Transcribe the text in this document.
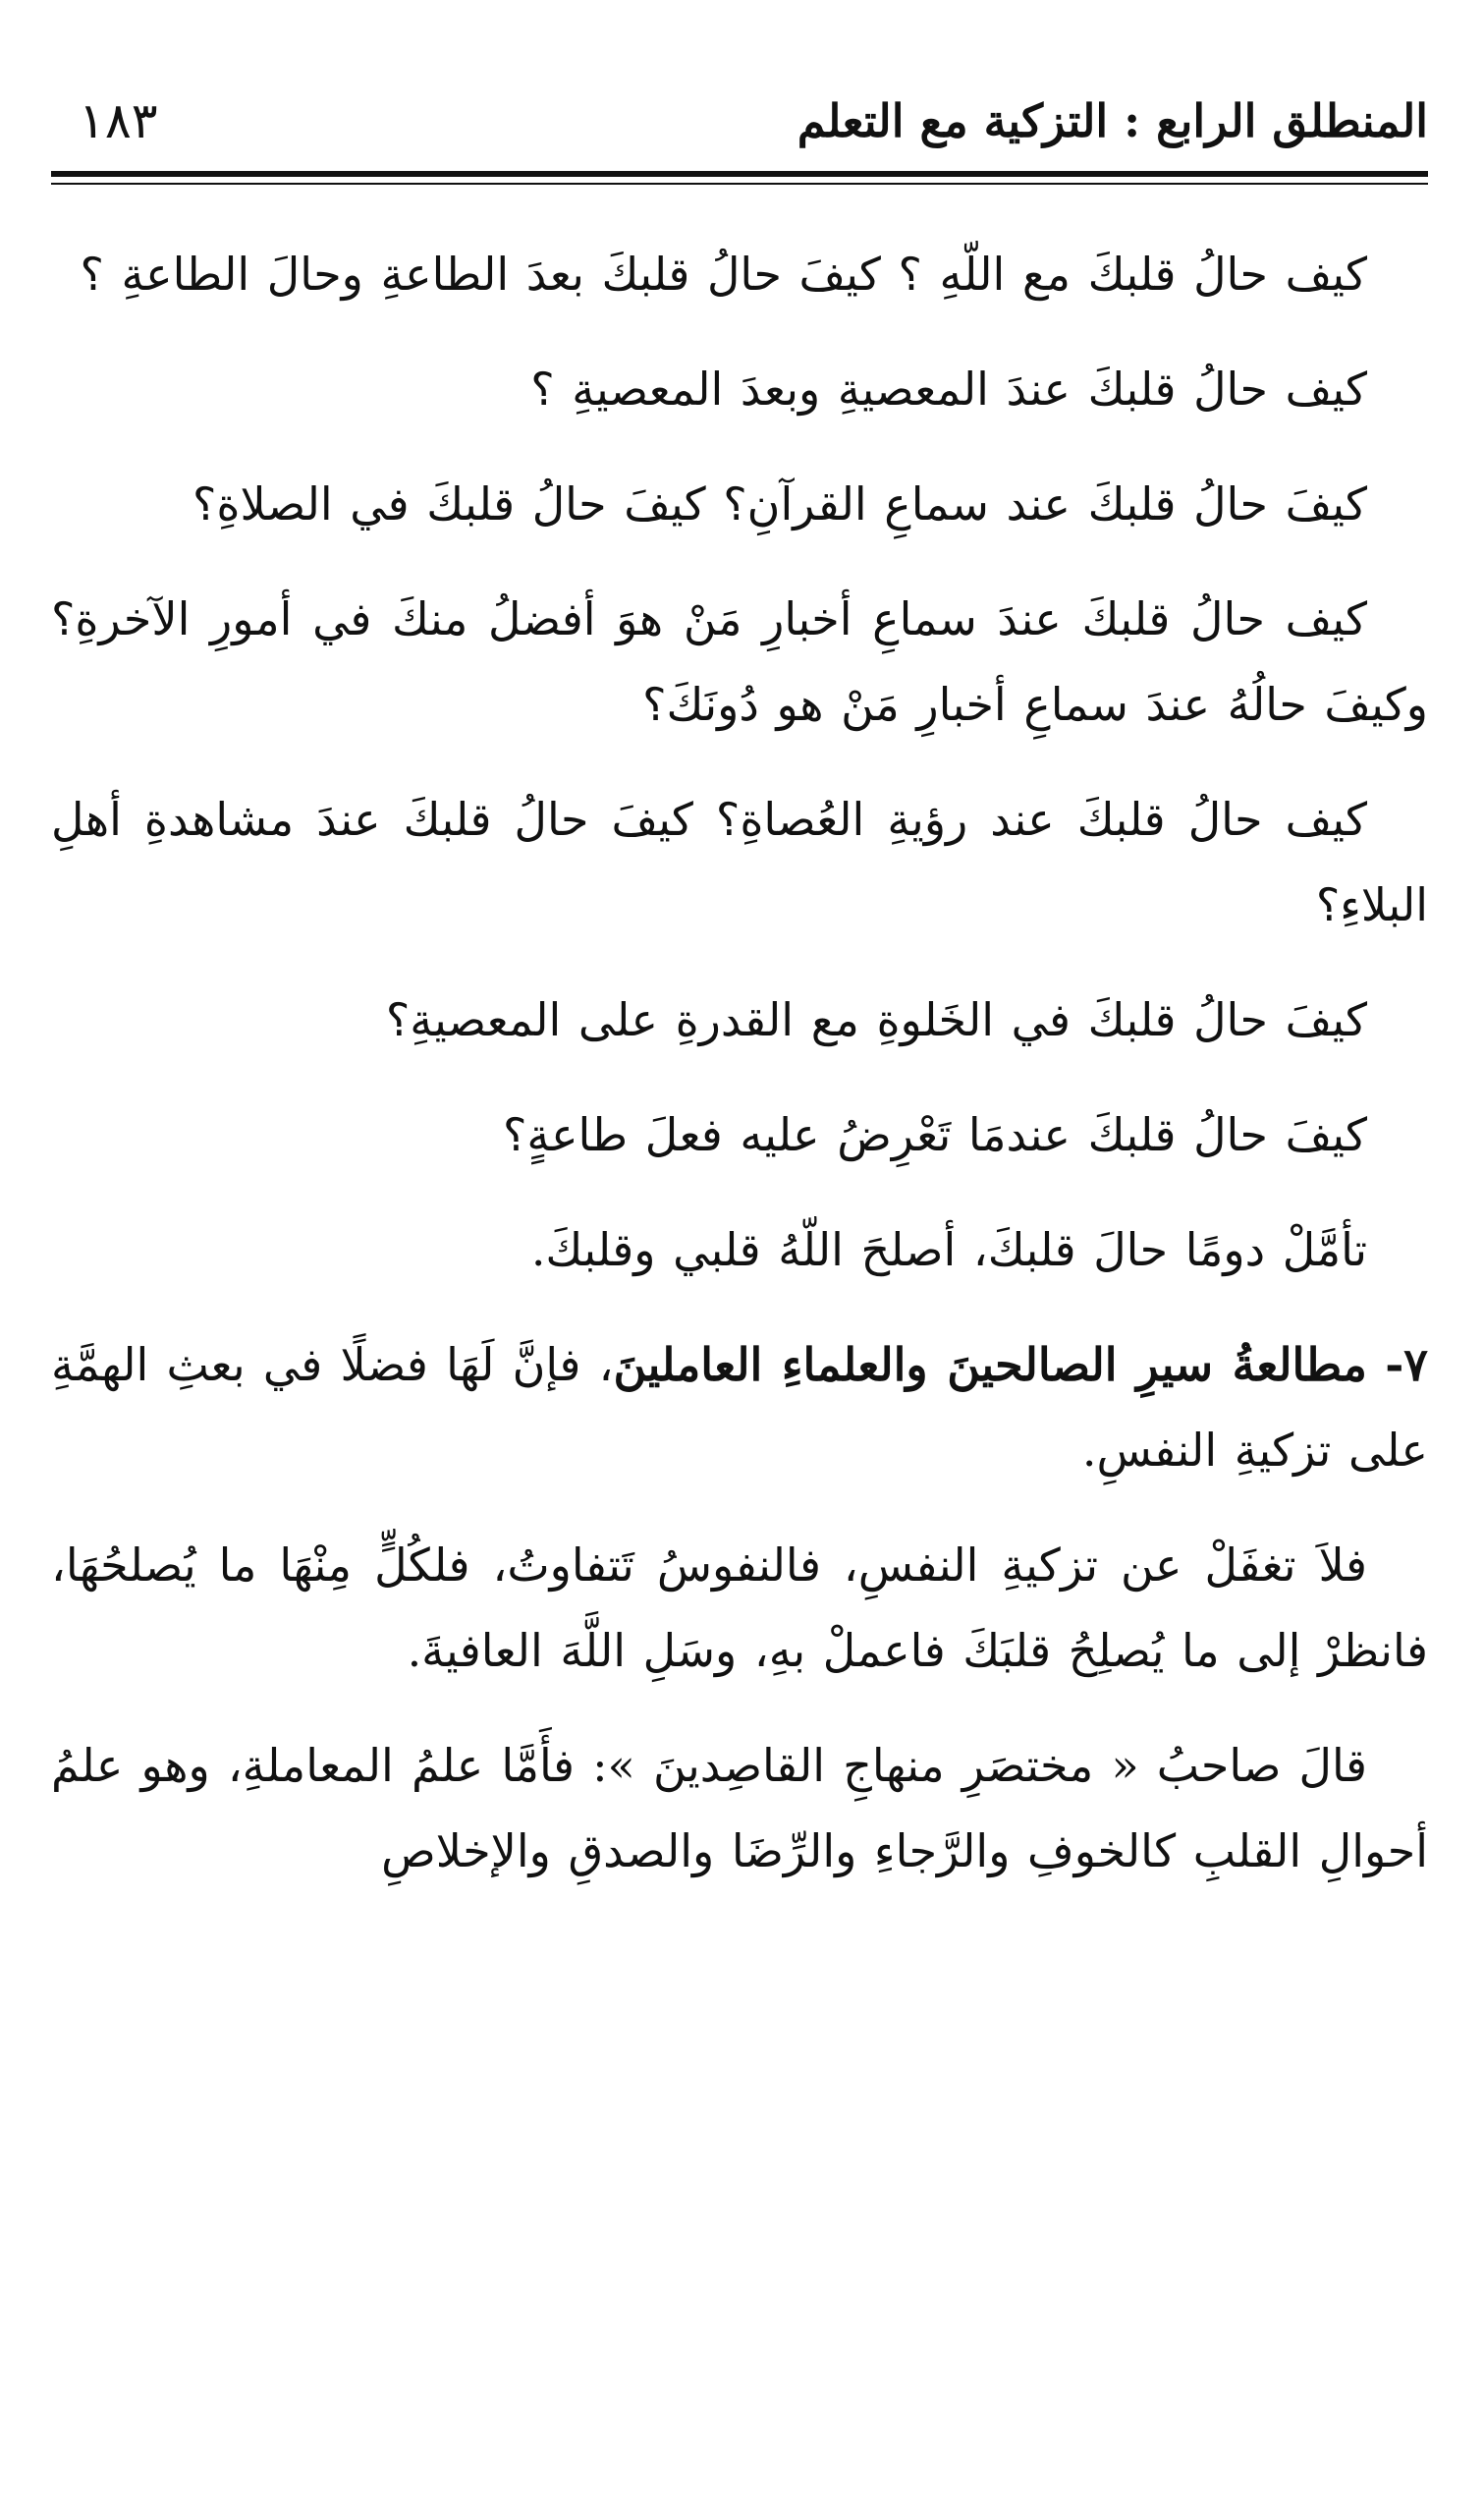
المنطلق الرابع : التزكية مع التعلم
١٨٣

كيف حالُ قلبكَ مع اللّهِ ؟ كيفَ حالُ قلبكَ بعدَ الطاعةِ وحالَ الطاعةِ ؟

كيف حالُ قلبكَ عندَ المعصيةِ وبعدَ المعصيةِ ؟

كيفَ حالُ قلبكَ عند سماعِ القرآنِ؟ كيفَ حالُ قلبكَ في الصلاةِ؟

كيف حالُ قلبكَ عندَ سماعِ أخبارِ مَنْ هوَ أفضلُ منكَ في أمورِ الآخرةِ؟ وكيفَ حالُهُ عندَ سماعِ أخبارِ مَنْ هو دُونَكَ؟

كيف حالُ قلبكَ عند رؤيةِ العُصاةِ؟ كيفَ حالُ قلبكَ عندَ مشاهدةِ أهلِ البلاءِ؟

كيفَ حالُ قلبكَ في الخَلوةِ مع القدرةِ على المعصيةِ؟

كيفَ حالُ قلبكَ عندمَا تَعْرِضُ عليه فعلَ طاعةٍ؟

تأمَّلْ دومًا حالَ قلبكَ، أصلحَ اللّهُ قلبي وقلبكَ.

٧- مطالعةُ سيرِ الصالحينَ والعلماءِ العاملينَ، فإنَّ لَهَا فضلًا في بعثِ الهمَّةِ على تزكيةِ النفسِ.

فلاَ تغفَلْ عن تزكيةِ النفسِ، فالنفوسُ تَتفاوتُ، فلكُلٍّ مِنْهَا ما يُصلحُهَا، فانظرْ إلى ما يُصلِحُ قلبَكَ فاعملْ بهِ، وسَلِ اللَّهَ العافيةَ.

قالَ صاحبُ « مختصَرِ منهاجِ القاصِدينَ »: فأَمَّا علمُ المعاملةِ، وهو علمُ أحوالِ القلبِ كالخوفِ والرَّجاءِ والرِّضَا والصدقِ والإخلاصِ
